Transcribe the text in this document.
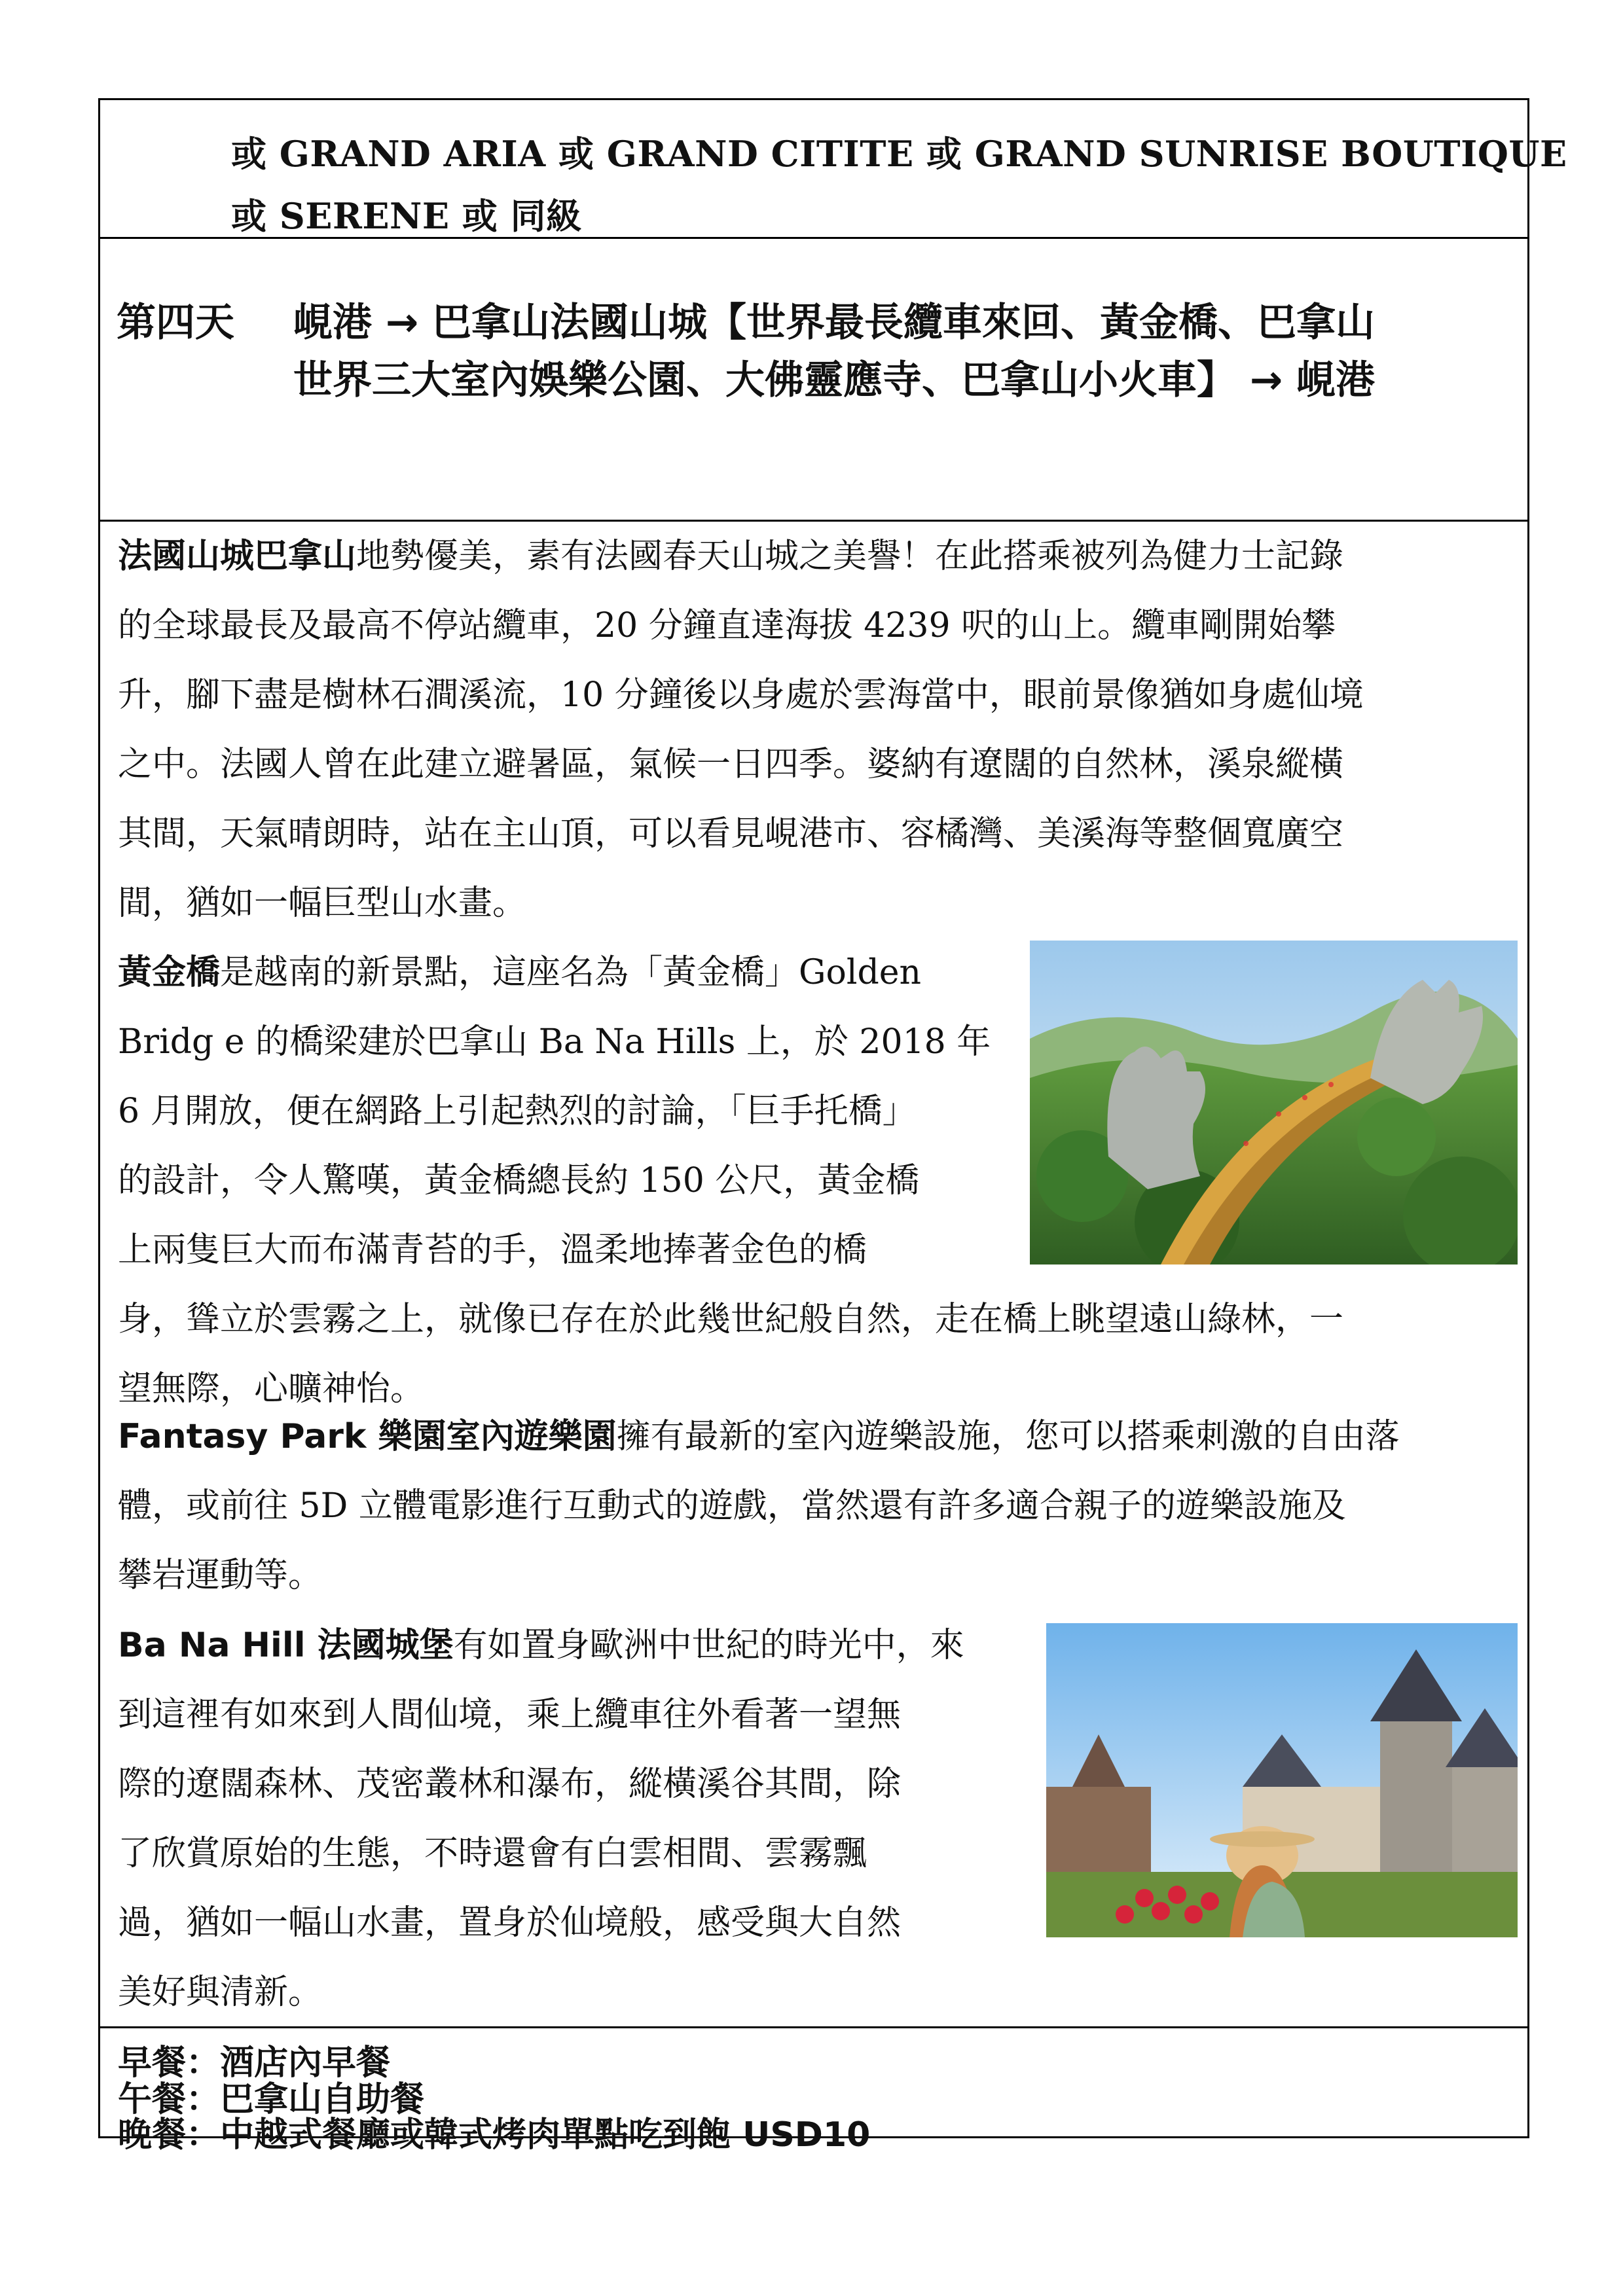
或 GRAND ARIA 或 GRAND CITITE 或 GRAND SUNRISE BOUTIQUE
或 SERENE 或 同級
第四天 峴港 → 巴拿山法國山城【世界最長纜車來回、黃金橋、巴拿山
世界三大室內娛樂公園、大佛靈應寺、巴拿山小火車】 → 峴港
法國山城巴拿山地勢優美，素有法國春天山城之美譽！在此搭乘被列為健力士記錄
的全球最長及最高不停站纜車，20 分鐘直達海拔 4239 呎的山上。纜車剛開始攀
升，腳下盡是樹林石澗溪流，10 分鐘後以身處於雲海當中，眼前景像猶如身處仙境
之中。法國人曾在此建立避暑區，氣候一日四季。婆納有遼闊的自然林，溪泉縱橫
其間，天氣晴朗時，站在主山頂，可以看見峴港市、容橘灣、美溪海等整個寬廣空
間，猶如一幅巨型山水畫。
黃金橋是越南的新景點，這座名為「黃金橋」Golden
Bridg e 的橋梁建於巴拿山 Ba Na Hills 上，於 2018 年
6 月開放，便在網路上引起熱烈的討論，「巨手托橋」
的設計，令人驚嘆，黃金橋總長約 150 公尺，黃金橋
上兩隻巨大而布滿青苔的手，溫柔地捧著金色的橋
身，聳立於雲霧之上，就像已存在於此幾世紀般自然，走在橋上眺望遠山綠林，一
望無際，心曠神怡。
Fantasy Park 樂園室內遊樂園擁有最新的室內遊樂設施，您可以搭乘刺激的自由落
體，或前往 5D 立體電影進行互動式的遊戲，當然還有許多適合親子的遊樂設施及
攀岩運動等。
Ba Na Hill 法國城堡有如置身歐洲中世紀的時光中，來
到這裡有如來到人間仙境，乘上纜車往外看著一望無
際的遼闊森林、茂密叢林和瀑布，縱橫溪谷其間，除
了欣賞原始的生態，不時還會有白雲相間、雲霧飄
過，猶如一幅山水畫，置身於仙境般，感受與大自然
美好與清新。
早餐：酒店內早餐
午餐：巴拿山自助餐
晚餐：中越式餐廳或韓式烤肉單點吃到飽 USD10
